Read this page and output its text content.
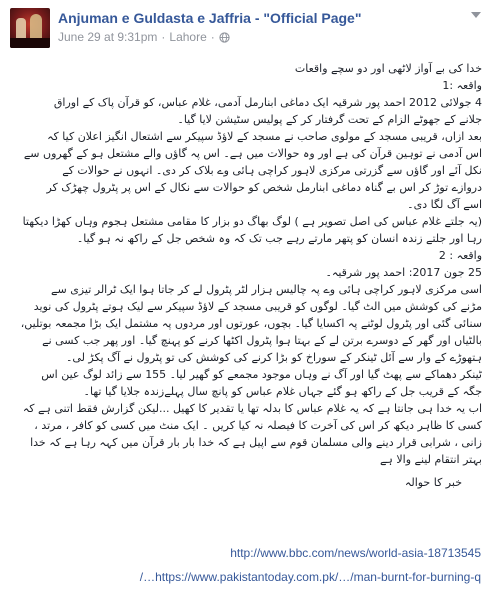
Anjuman e Guldasta e Jaffria - "Official Page"
June 29 at 9:31pm · Lahore ·
خدا کی بے آواز لاٹھی اور دو سچے واقعات
واقعہ :1
4 جولائی 2012 احمد پور شرقیہ ایک دماغی ابنارمل آدمی، غلام عباس، کو قرآن پاک کے اوراق
جلانے کے جھوٹے الزام کے تحت گرفتار کر کے پولیس سٹیشن لایا گیا۔
بعد ازاں، قریبی مسجد کے مولوی صاحب نے مسجد کے لاؤڈ سپیکر سے اشتعال انگیز اعلان کیا کہ
اس آدمی نے توہین قرآن کی ہے اور وہ حوالات میں ہے۔ اس پہ گاؤں والے مشتعل ہو کے گھروں سے
نکل آئے اور گاؤں سے گزرتی مرکزی لاہور کراچی ہائی وے بلاک کر دی۔ انہوں نے حوالات کے
دروازے توڑ کر اس بے گناہ دماغی ابنارمل شخص کو حوالات سے نکال کے اس پر پٹرول چھڑک کر
اسے آگ لگا دی۔
(یہ جلتے غلام عباس کی اصل تصویر ہے ) لوگ بھاگ دو بزار کا مقامی مشتعل ہجوم وہاں کھڑا دیکھتا
رہا اور جلتے زندہ انسان کو پتھر مارتے رہے جب تک کہ وہ شخص جل کے راکھ نہ ہو گیا۔
واقعہ : 2
25 جون 2017: احمد پور شرقیہ۔
اسی مرکزی لاہور کراچی ہائی وے پہ چالیس ہزار لٹر پٹرول لے کر جاتا ہوا ایک ٹرالر تیزی سے
مڑنے کی کوشش میں الٹ گیا۔ لوگوں کو قریبی مسجد کے لاؤڈ سپیکر سے لیک ہوتے پٹرول کی نوید
سنائی گئی اور پٹرول لوٹنے پہ اکسایا گیا۔ بچوں، عورتوں اور مردوں پہ مشتمل ایک بڑا مجمعہ بوتلیں،
بالٹیاں اور گھر کے دوسرے برتن لے کے بہتا ہوا پٹرول اکٹھا کرنے کو پہنچ گیا۔ اور پھر جب کسی نے
ہتھوڑے کے وار سے آئل ٹینکر کے سوراخ کو بڑا کرنے کی کوشش کی تو پٹرول نے آگ پکڑ لی۔
ٹینکر دھماکے سے پھٹ گیا اور آگ نے وہاں موجود مجمعے کو گھیر لیا۔ 155 سے زائد لوگ عین اس
جگہ کے قریب جل کے راکھ ہو گئے جہاں غلام عباس کو پانچ سال پہلےزندہ جلایا گیا تھا۔
اب یہ خدا ہی جانتا ہے کہ یہ غلام عباس کا بدلہ تھا یا تقدیر کا کھیل ...لیکن گزارش فقط اتنی ہے کہ
کسی کا ظاہر دیکھ کر اس کی آخرت کا فیصلہ نہ کیا کریں ۔ ایک منٹ میں کسی کو کافر ، مرتد ،
زانی ، شرابی قرار دینے والی مسلمان قوم سے اپیل ہے کہ خدا بار بار قرآن میں کہہ رہا ہے کہ خدا
بہتر انتقام لینے والا ہے
خبر کا حوالہ
http://www.bbc.com/news/world-asia-18713545
/…https://www.pakistantoday.com.pk/…/man-burnt-for-burning-q
